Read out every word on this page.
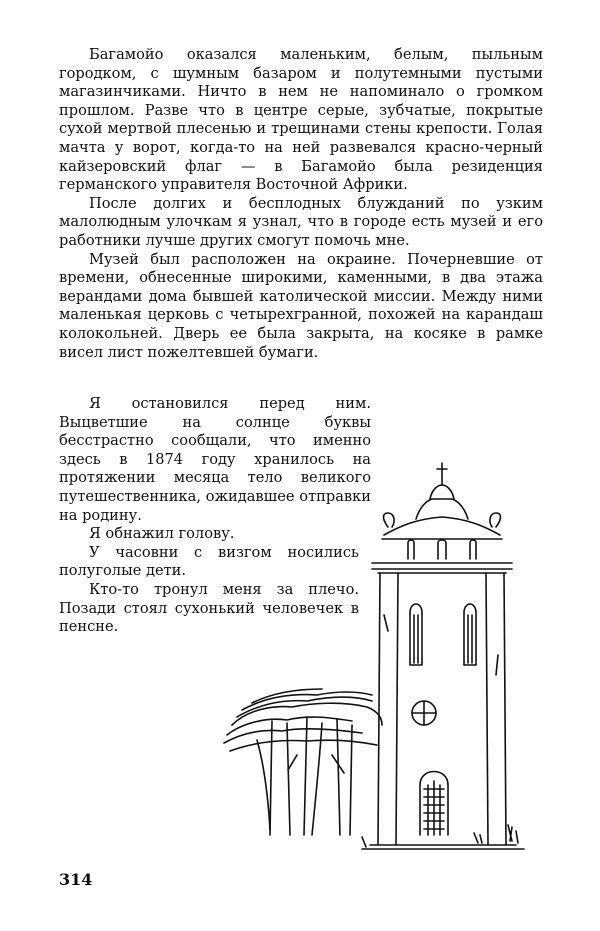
Багамойо оказался маленьким, белым, пыльным городком, с шумным базаром и полутемными пустыми магазинчиками. Ничто в нем не напоминало о громком прошлом. Разве что в центре серые, зубчатые, покрытые сухой мертвой плесенью и трещинами стены крепости. Голая мачта у ворот, когда-то на ней развевался красно-черный кайзеровский флаг — в Багамойо была резиденция германского управителя Восточной Африки.

После долгих и бесплодных блужданий по узким малолюдным улочкам я узнал, что в городе есть музей и его работники лучше других смогут помочь мне.

Музей был расположен на окраине. Почерневшие от времени, обнесенные широкими, каменными, в два этажа верандами дома бывшей католической миссии. Между ними маленькая церковь с четырехгранной, похожей на карандаш колокольней. Дверь ее была закрыта, на косяке в рамке висел лист пожелтевшей бумаги.

Я остановился перед ним. Выцветшие на солнце буквы бесстрастно сообщали, что именно здесь в 1874 году хранилось на протяжении месяца тело великого путешественника, ожидавшее отправки на родину.

Я обнажил голову.

У часовни с визгом носились полуголые дети.

Кто-то тронул меня за плечо. Позади стоял сухонький человечек в пенсне.

314
